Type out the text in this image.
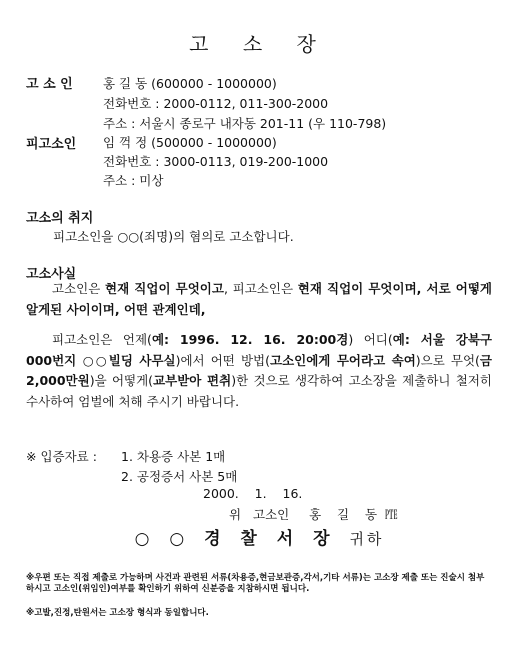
고 소 장
고 소 인 홍 길 동 (600000 - 1000000)
전화번호 : 2000-0112, 011-300-2000
주소 : 서울시 종로구 내자동 201-11 (우 110-798)
피고소인 임 꺽 정 (500000 - 1000000)
전화번호 : 3000-0113, 019-200-1000
주소 : 미상
고소의 취지
피고소인을 ○○(죄명)의 혐의로 고소합니다.
고소사실
고소인은 현재 직업이 무엇이고, 피고소인은 현재 직업이 무엇이며, 서로 어떻게 알게된 사이이며, 어떤 관계인데,
피고소인은 언제(예: 1996. 12. 16. 20:00경) 어디(예: 서울 강북구 000번지 ○○빌딩 사무실)에서 어떤 방법(고소인에게 무어라고 속여)으로 무엇(금 2,000만원)을 어떻게(교부받아 편취)한 것으로 생각하여 고소장을 제출하니 철저히 수사하여 엄벌에 처해 주시기 바랍니다.
※ 입증자료 : 1. 차용증 사본 1매
2. 공정증서 사본 5매
2000.    1.    16.
위   고소인     홍    길    동  ㉐
○ ○ 경 찰 서 장 귀하
※우편 또는 직접 제출로 가능하며 사건과 관련된 서류(차용증,현금보관증,각서,기타 서류)는 고소장 제출 또는 진술시 첨부하시고 고소인(위임인)여부를 확인하기 위하여 신분증을 지참하시면 됩니다.
※고발,진정,탄원서는 고소장 형식과 동일합니다.
